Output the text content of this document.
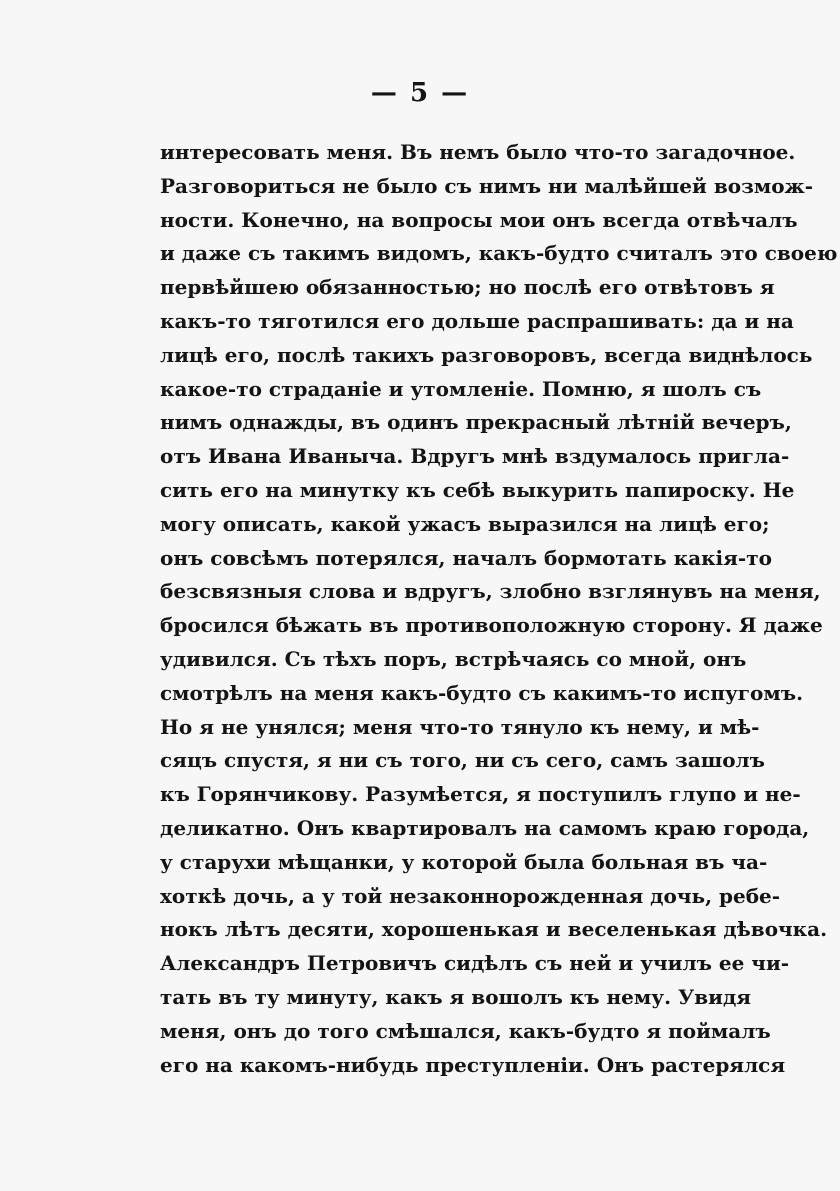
— 5 —
интересовать меня. Въ немъ было что-то загадочное.
Разговориться не было съ нимъ ни малѣйшей возмож-
ности. Конечно, на вопросы мои онъ всегда отвѣчалъ
и даже съ такимъ видомъ, какъ-будто считалъ это своею
первѣйшею обязанностью; но послѣ его отвѣтовъ я
какъ-то тяготился его дольше распрашивать: да и на
лицѣ его, послѣ такихъ разговоровъ, всегда виднѣлось
какое-то страданіе и утомленіе. Помню, я шолъ съ
нимъ однажды, въ одинъ прекрасный лѣтній вечеръ,
отъ Ивана Иваныча. Вдругъ мнѣ вздумалось пригла-
сить его на минутку къ себѣ выкурить папироску. Не
могу описать, какой ужасъ выразился на лицѣ его;
онъ совсѣмъ потерялся, началъ бормотать какія-то
безсвязныя слова и вдругъ, злобно взглянувъ на меня,
бросился бѣжать въ противоположную сторону. Я даже
удивился. Съ тѣхъ поръ, встрѣчаясь со мной, онъ
смотрѣлъ на меня какъ-будто съ какимъ-то испугомъ.
Но я не унялся; меня что-то тянуло къ нему, и мѣ-
сяцъ спустя, я ни съ того, ни съ сего, самъ зашолъ
къ Горянчикову. Разумѣется, я поступилъ глупо и не-
деликатно. Онъ квартировалъ на самомъ краю города,
у старухи мѣщанки, у которой была больная въ ча-
хоткѣ дочь, а у той незаконнорожденная дочь, ребе-
нокъ лѣтъ десяти, хорошенькая и веселенькая дѣвочка.
Александръ Петровичъ сидѣлъ съ ней и училъ ее чи-
тать въ ту минуту, какъ я вошолъ къ нему. Увидя
меня, онъ до того смѣшался, какъ-будто я поймалъ
его на какомъ-нибудь преступленіи. Онъ растерялся
